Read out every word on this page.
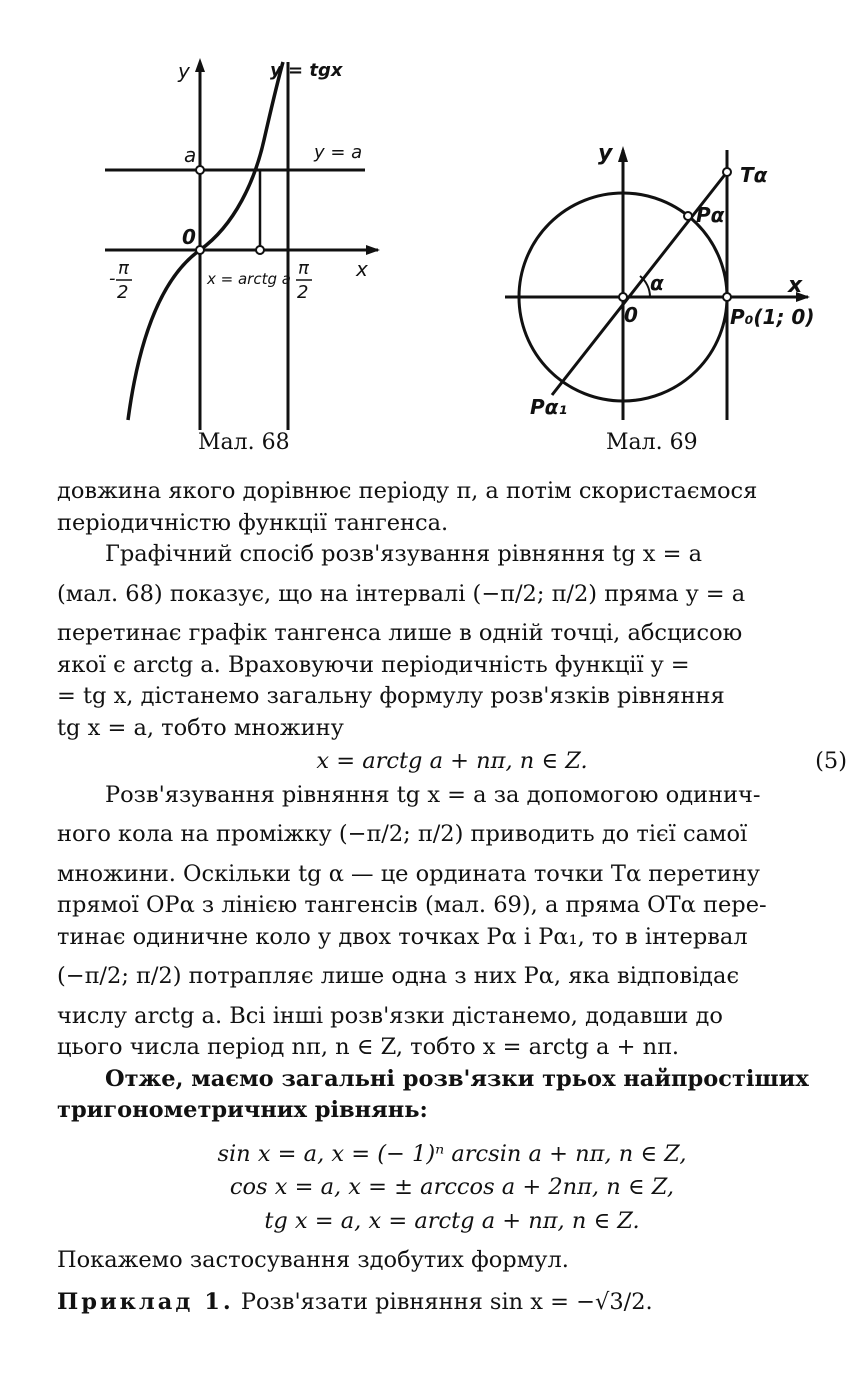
y	y = tgx
a	y = a
0
x
- π
2
π
2
x = arctg a
Мал. 68
y
x
Tα
Pα
α
0	P₀(1; 0)
Pα₁
Мал. 69
довжина якого дорівнює періоду π, а потім скористаємося
періодичністю функції тангенса.
Графічний спосіб розв'язування рівняння tg x = a
(мал. 68) показує, що на інтервалі (−π/2; π/2) пряма y = a
перетинає графік тангенса лише в одній точці, абсцисою
якої є arctg a. Враховуючи періодичність функції y =
= tg x, дістанемо загальну формулу розв'язків рівняння
tg x = a, тобто множину
x = arctg a + nπ, n ∈ Z.	(5)
Розв'язування рівняння tg x = a за допомогою одинич-
ного кола на проміжку (−π/2; π/2) приводить до тієї самої
множини. Оскільки tg α — це ордината точки Tα перетину
прямої OPα з лінією тангенсів (мал. 69), а пряма OTα пере-
тинає одиничне коло у двох точках Pα і Pα₁, то в інтервал
(−π/2; π/2) потрапляє лише одна з них Pα, яка відповідає
числу arctg a. Всі інші розв'язки дістанемо, додавши до
цього числа період nπ, n ∈ Z, тобто x = arctg a + nπ.
Отже, маємо загальні розв'язки трьох найпростіших
тригонометричних рівнянь:
sin x = a, x = (− 1)ⁿ arcsin a + nπ, n ∈ Z,
cos x = a, x = ± arccos a + 2nπ, n ∈ Z,
tg x = a, x = arctg a + nπ, n ∈ Z.
Покажемо застосування здобутих формул.
Приклад 1. Розв'язати рівняння sin x = −√3/2.
